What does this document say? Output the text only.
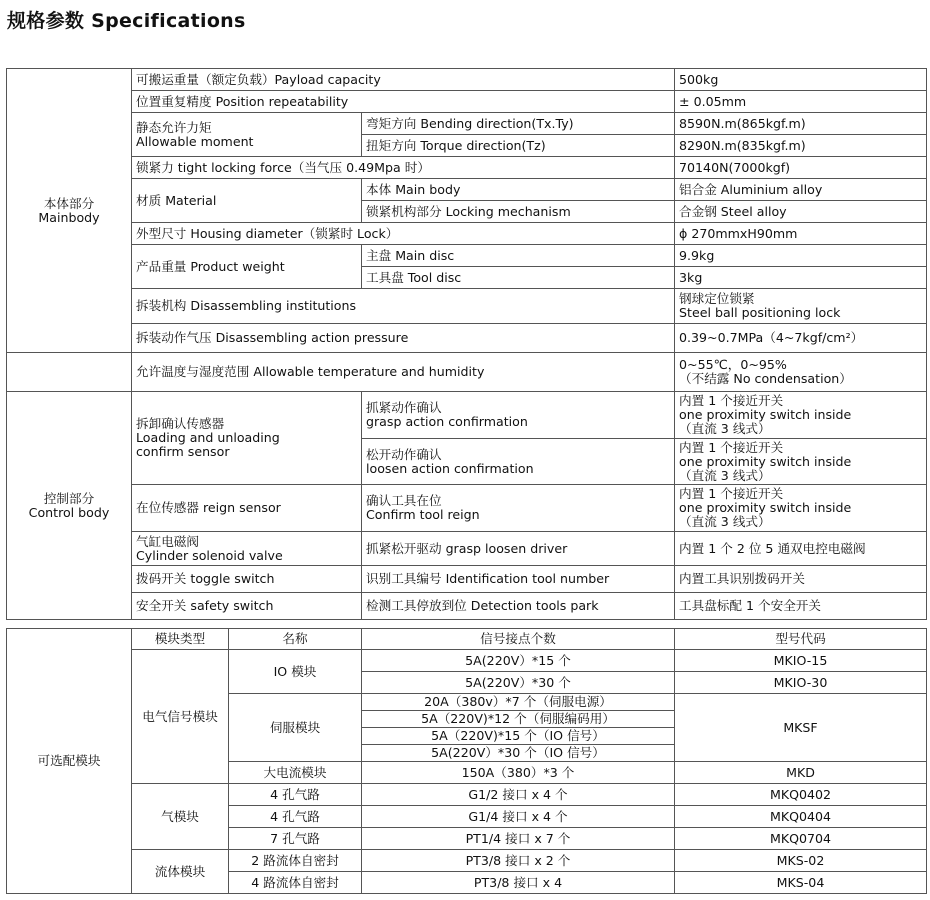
规格参数 Specifications
本体部分
Mainbody	可搬运重量（额定负载）Payload capacity		500kg
	位置重复精度 Position repeatability		± 0.05mm

	静态允许力矩
Allowable moment	弯矩方向 Bending direction(Tx.Ty)	8590N.m(865kgf.m)
		扭矩方向 Torque direction(Tz)	8290N.m(835kgf.m)
	锁紧力 tight locking force（当气压 0.49Mpa 时）		70140N(7000kgf)
	材质 Material	本体 Main body	铝合金 Aluminium alloy
		锁紧机构部分 Locking mechanism	合金钢 Steel alloy
	外型尺寸 Housing diameter（锁紧时 Lock）		ϕ 270mmxH90mm
	产品重量 Product weight	主盘 Main disc	9.9kg
		工具盘 Tool disc	3kg
	拆装机构 Disassembling institutions		钢球定位锁紧
Steel ball positioning lock

	拆装动作气压 Disassembling action pressure		0.39~0.7MPa（4~7kgf/cm²）
	允许温度与湿度范围 Allowable temperature and humidity		0~55℃，0~95%
（不结露 No condensation）

控制部分
Control body	拆卸确认传感器
Loading and unloading
confirm sensor	抓紧动作确认
grasp action confirmation	内置 1 个接近开关
one proximity switch inside
（直流 3 线式）

		松开动作确认
loosen action confirmation	内置 1 个接近开关
one proximity switch inside
（直流 3 线式）

	在位传感器 reign sensor	确认工具在位
Confirm tool reign	内置 1 个接近开关
one proximity switch inside
（直流 3 线式）

	气缸电磁阀
Cylinder solenoid valve	抓紧松开驱动 grasp loosen driver	内置 1 个 2 位 5 通双电控电磁阀
	拨码开关 toggle switch	识别工具编号 Identification tool number	内置工具识别拨码开关
	安全开关 safety switch	检测工具停放到位 Detection tools park	工具盘标配 1 个安全开关
可选配模块	模块类型	名称	信号接点个数	型号代码
	电气信号模块	IO 模块	5A(220V）*15 个	MKIO-15
			5A(220V）*30 个	MKIO-30
		伺服模块	20A（380v）*7 个（伺服电源）	MKSF
			5A（220V)*12 个（伺服编码用）	
			5A（220V)*15 个（IO 信号）	
			5A(220V）*30 个（IO 信号）	
		大电流模块	150A（380）*3 个	MKD
	气模块	4 孔气路	G1/2 接口 x 4 个	MKQ0402
		4 孔气路	G1/4 接口 x 4 个	MKQ0404
		7 孔气路	PT1/4 接口 x 7 个	MKQ0704
	流体模块	2 路流体自密封	PT3/8 接口 x 2 个	MKS-02
		4 路流体自密封	PT3/8 接口 x 4	MKS-04
